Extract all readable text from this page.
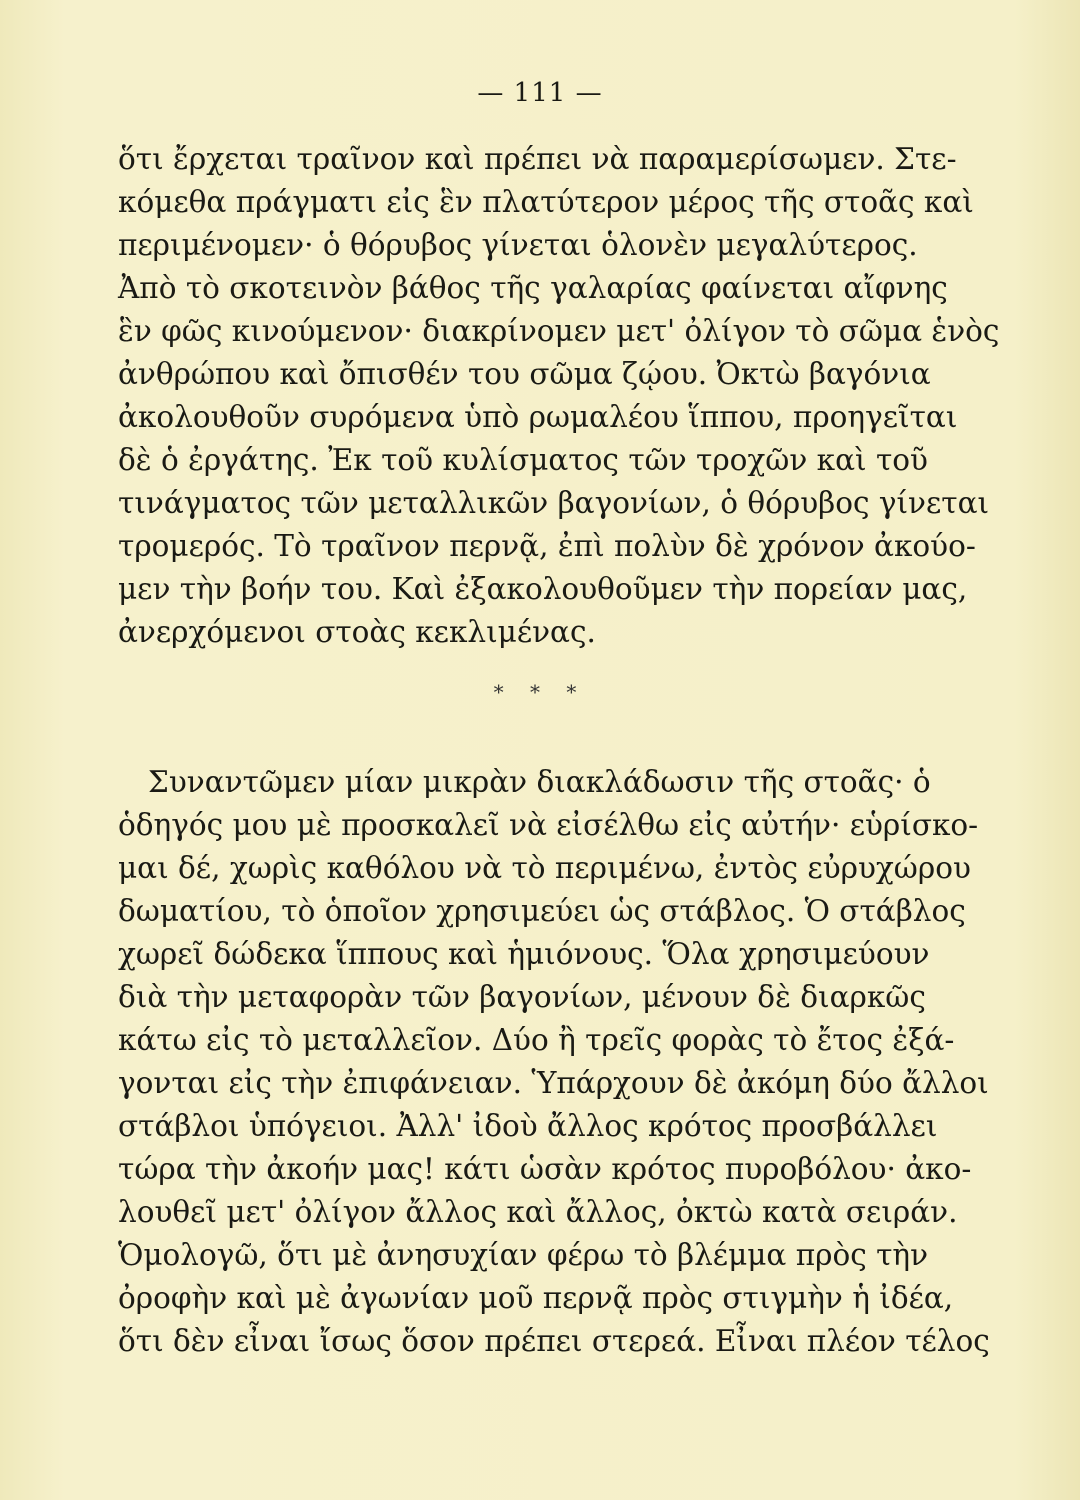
— 111 —
ὅτι ἔρχεται τραῖνον καὶ πρέπει νὰ παραμερίσωμεν. Στε-
κόμεθα πράγματι εἰς ἓν πλατύτερον μέρος τῆς στοᾶς καὶ
περιμένομεν· ὁ θόρυβος γίνεται ὁλονὲν μεγαλύτερος.
Ἀπὸ τὸ σκοτεινὸν βάθος τῆς γαλαρίας φαίνεται αἴφνης
ἓν φῶς κινούμενον· διακρίνομεν μετ' ὀλίγον τὸ σῶμα ἑνὸς
ἀνθρώπου καὶ ὄπισθέν του σῶμα ζῴου. Ὀκτὼ βαγόνια
ἀκολουθοῦν συρόμενα ὑπὸ ρωμαλέου ἵππου, προηγεῖται
δὲ ὁ ἐργάτης. Ἐκ τοῦ κυλίσματος τῶν τροχῶν καὶ τοῦ
τινάγματος τῶν μεταλλικῶν βαγονίων, ὁ θόρυβος γίνεται
τρομερός. Τὸ τραῖνον περνᾷ, ἐπὶ πολὺν δὲ χρόνον ἀκούο-
μεν τὴν βοήν του. Καὶ ἐξακολουθοῦμεν τὴν πορείαν μας,
ἀνερχόμενοι στοὰς κεκλιμένας.
* * *
Συναντῶμεν μίαν μικρὰν διακλάδωσιν τῆς στοᾶς· ὁ
ὁδηγός μου μὲ προσκαλεῖ νὰ εἰσέλθω εἰς αὐτήν· εὑρίσκο-
μαι δέ, χωρὶς καθόλου νὰ τὸ περιμένω, ἐντὸς εὐρυχώρου
δωματίου, τὸ ὁποῖον χρησιμεύει ὡς στάβλος. Ὁ στάβλος
χωρεῖ δώδεκα ἵππους καὶ ἡμιόνους. Ὅλα χρησιμεύουν
διὰ τὴν μεταφορὰν τῶν βαγονίων, μένουν δὲ διαρκῶς
κάτω εἰς τὸ μεταλλεῖον. Δύο ἢ τρεῖς φορὰς τὸ ἔτος ἐξά-
γονται εἰς τὴν ἐπιφάνειαν. Ὑπάρχουν δὲ ἀκόμη δύο ἄλλοι
στάβλοι ὑπόγειοι. Ἀλλ' ἰδοὺ ἄλλος κρότος προσβάλλει
τώρα τὴν ἀκοήν μας! κάτι ὡσὰν κρότος πυροβόλου· ἀκο-
λουθεῖ μετ' ὀλίγον ἄλλος καὶ ἄλλος, ὀκτὼ κατὰ σειράν.
Ὁμολογῶ, ὅτι μὲ ἀνησυχίαν φέρω τὸ βλέμμα πρὸς τὴν
ὀροφὴν καὶ μὲ ἀγωνίαν μοῦ περνᾷ πρὸς στιγμὴν ἡ ἰδέα,
ὅτι δὲν εἶναι ἴσως ὅσον πρέπει στερεά. Εἶναι πλέον τέλος
